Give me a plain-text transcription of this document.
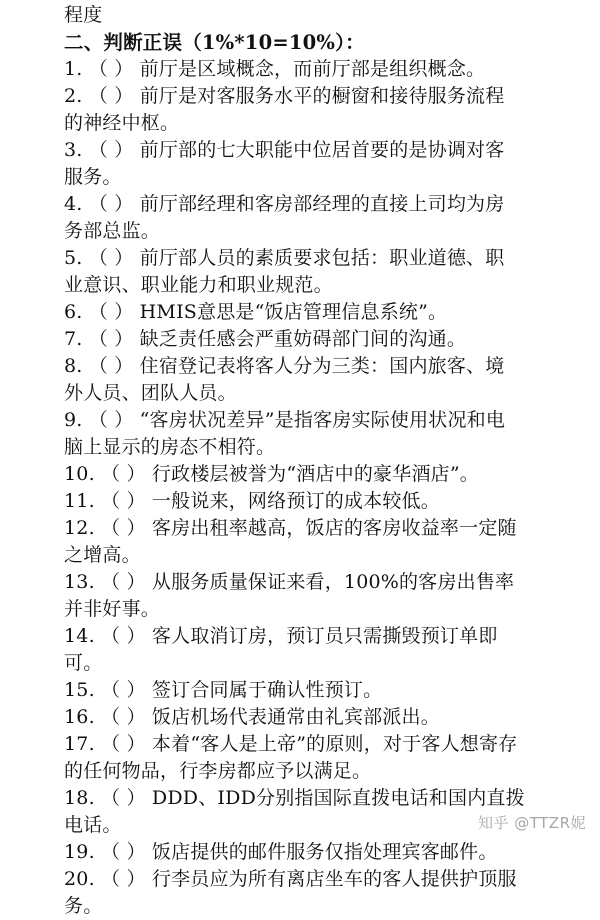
程度
二、判断正误（1%*10=10%）：
1. （ ） 前厅是区域概念，而前厅部是组织概念。
2. （ ） 前厅是对客服务水平的橱窗和接待服务流程
的神经中枢。
3. （ ） 前厅部的七大职能中位居首要的是协调对客
服务。
4. （ ） 前厅部经理和客房部经理的直接上司均为房
务部总监。
5. （ ） 前厅部人员的素质要求包括：职业道德、职
业意识、职业能力和职业规范。
6. （ ） HMIS意思是“饭店管理信息系统”。
7. （ ） 缺乏责任感会严重妨碍部门间的沟通。
8. （ ） 住宿登记表将客人分为三类：国内旅客、境
外人员、团队人员。
9. （ ） “客房状况差异”是指客房实际使用状况和电
脑上显示的房态不相符。
10. （ ） 行政楼层被誉为“酒店中的豪华酒店”。
11. （ ） 一般说来，网络预订的成本较低。
12. （ ） 客房出租率越高，饭店的客房收益率一定随
之增高。
13. （ ） 从服务质量保证来看，100%的客房出售率
并非好事。
14. （ ） 客人取消订房，预订员只需撕毁预订单即
可。
15. （ ） 签订合同属于确认性预订。
16. （ ） 饭店机场代表通常由礼宾部派出。
17. （ ） 本着“客人是上帝”的原则，对于客人想寄存
的任何物品，行李房都应予以满足。
18. （ ） DDD、IDD分别指国际直拨电话和国内直拨
电话。
19. （ ） 饭店提供的邮件服务仅指处理宾客邮件。
20. （ ） 行李员应为所有离店坐车的客人提供护顶服
务。
知乎 @TTZR妮
